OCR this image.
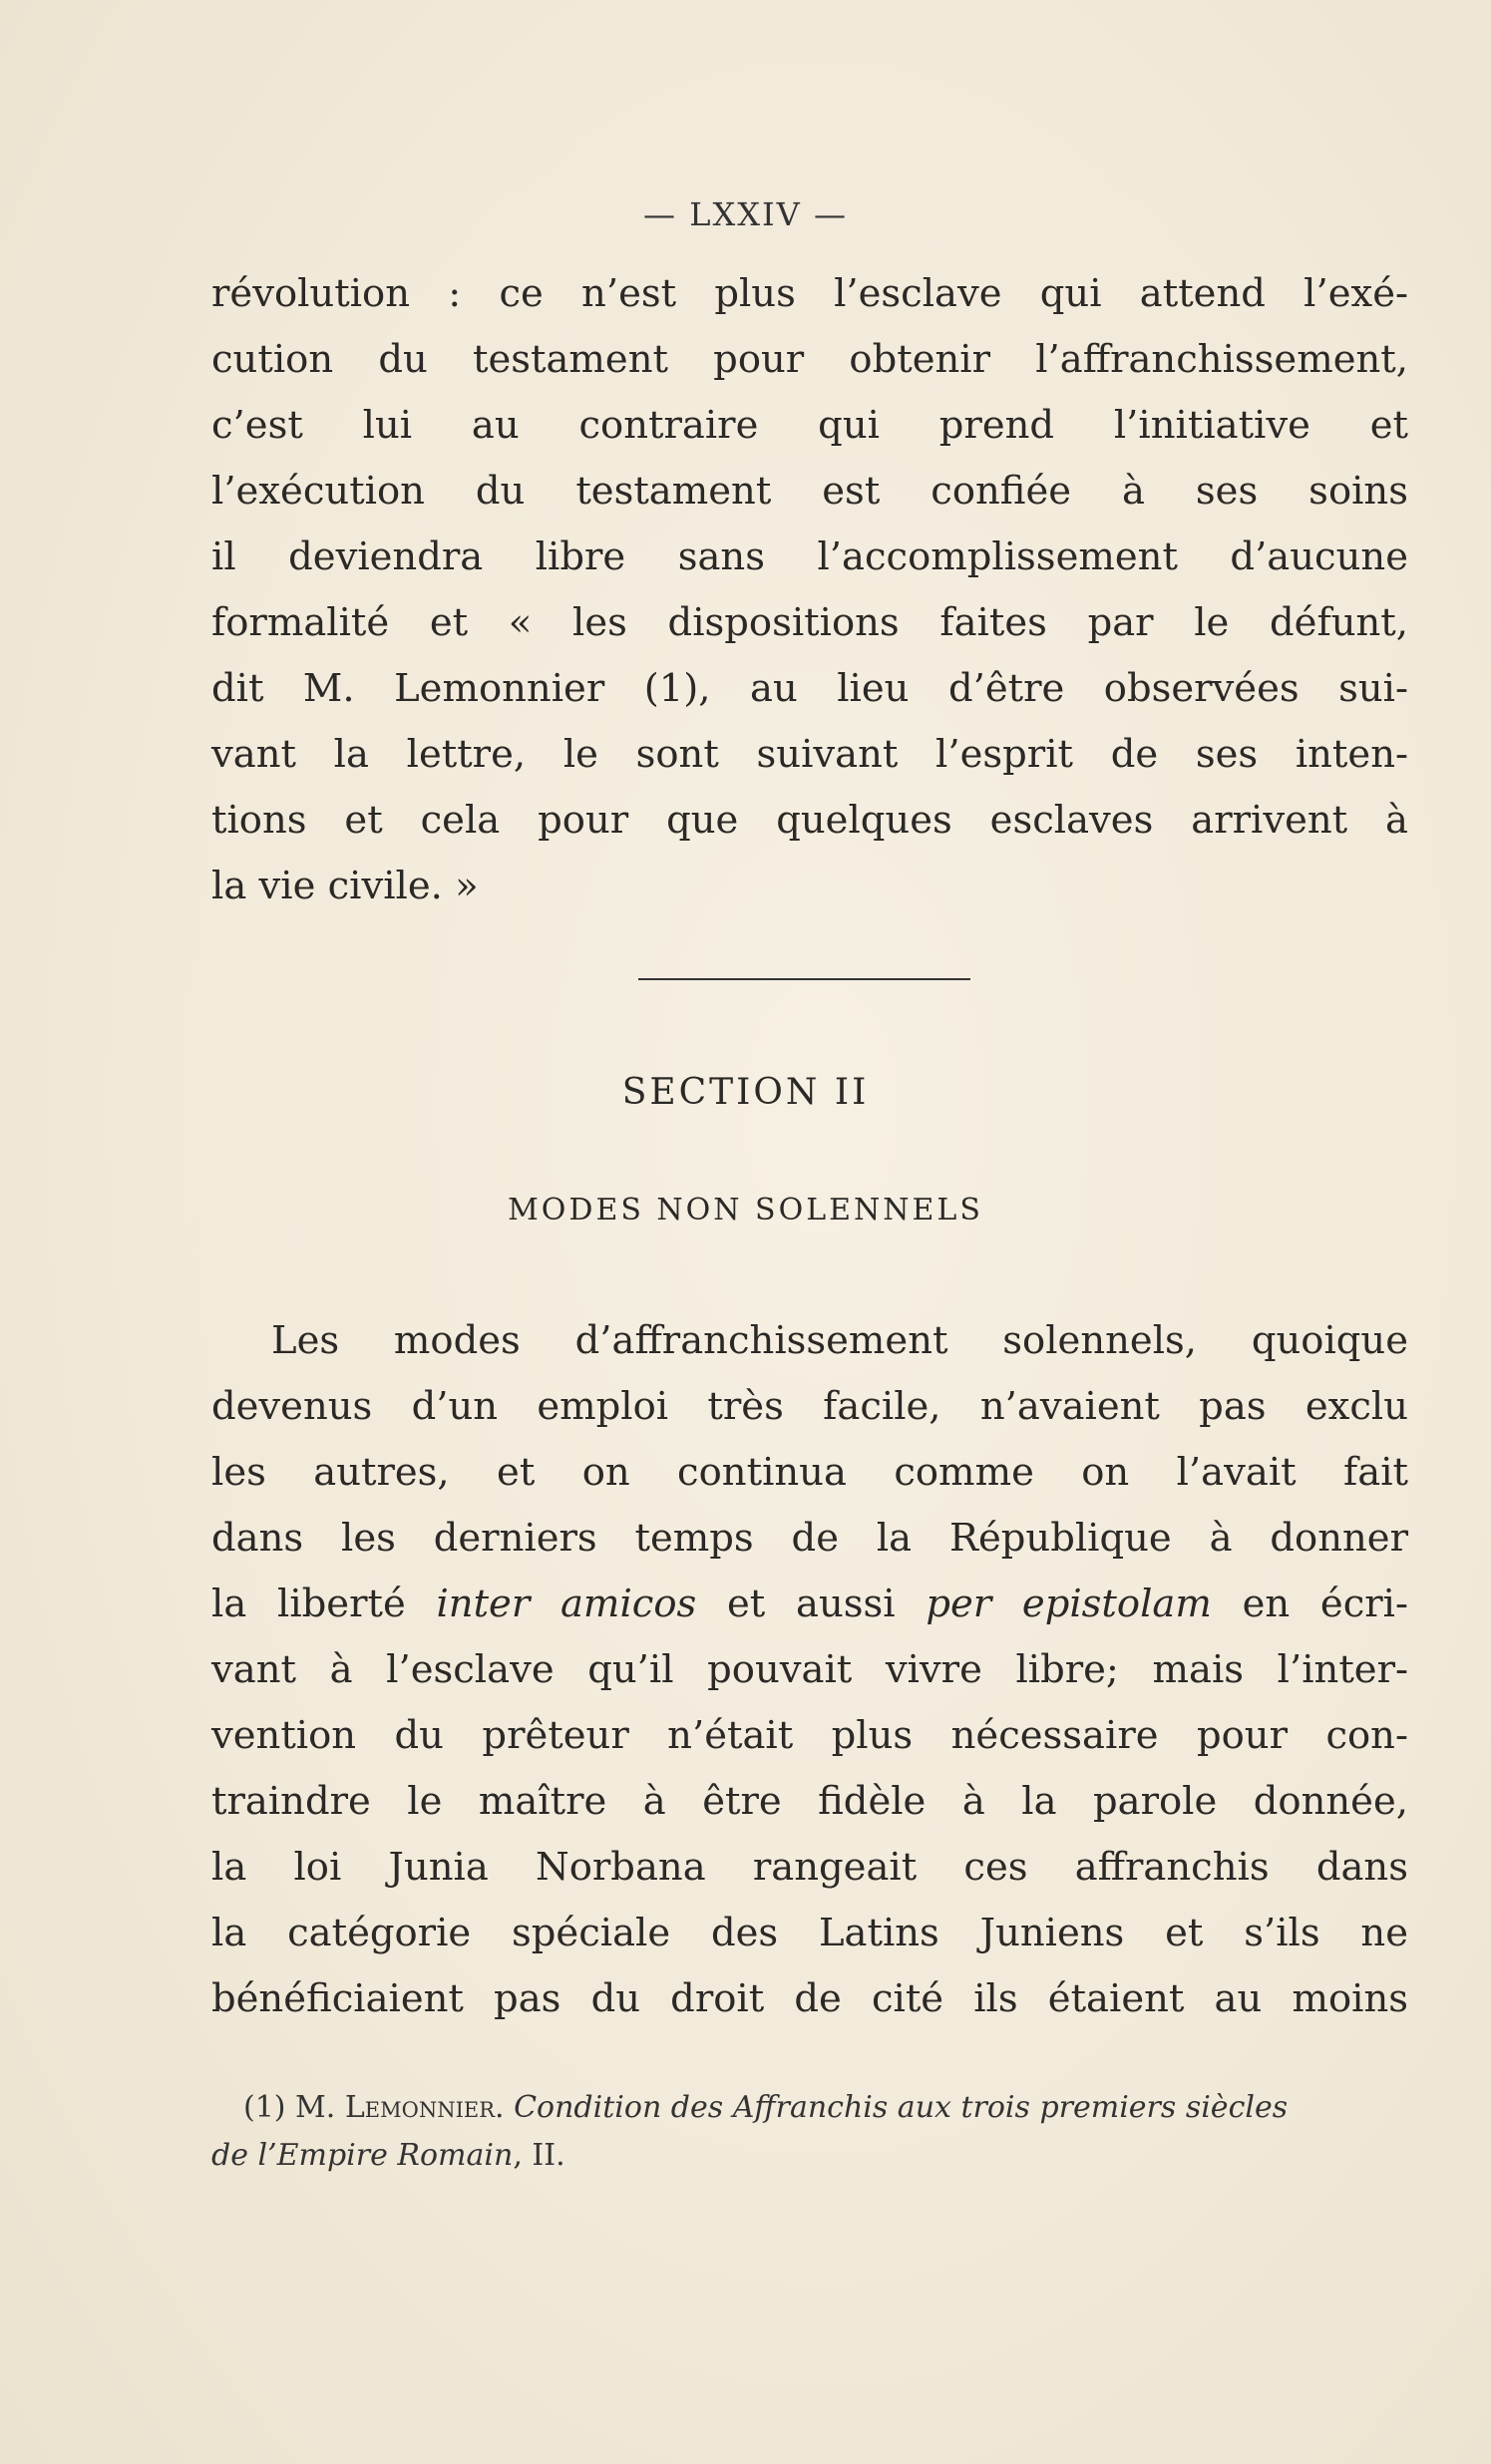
— LXXIV —
révolution : ce n’est plus l’esclave qui attend l’exé-
cution du testament pour obtenir l’affranchissement,
c’est lui au contraire qui prend l’initiative et
l’exécution du testament est confiée à ses soins
il deviendra libre sans l’accomplissement d’aucune
formalité et « les dispositions faites par le défunt,
dit M. Lemonnier (1), au lieu d’être observées sui-
vant la lettre, le sont suivant l’esprit de ses inten-
tions et cela pour que quelques esclaves arrivent à
la vie civile. »
SECTION II
MODES NON SOLENNELS
Les modes d’affranchissement solennels, quoique
devenus d’un emploi très facile, n’avaient pas exclu
les autres, et on continua comme on l’avait fait
dans les derniers temps de la République à donner
la liberté inter amicos et aussi per epistolam en écri-
vant à l’esclave qu’il pouvait vivre libre; mais l’inter-
vention du prêteur n’était plus nécessaire pour con-
traindre le maître à être fidèle à la parole donnée,
la loi Junia Norbana rangeait ces affranchis dans
la catégorie spéciale des Latins Juniens et s’ils ne
bénéficiaient pas du droit de cité ils étaient au moins
(1) M. Lemonnier. Condition des Affranchis aux trois premiers siècles
de l’Empire Romain, II.
